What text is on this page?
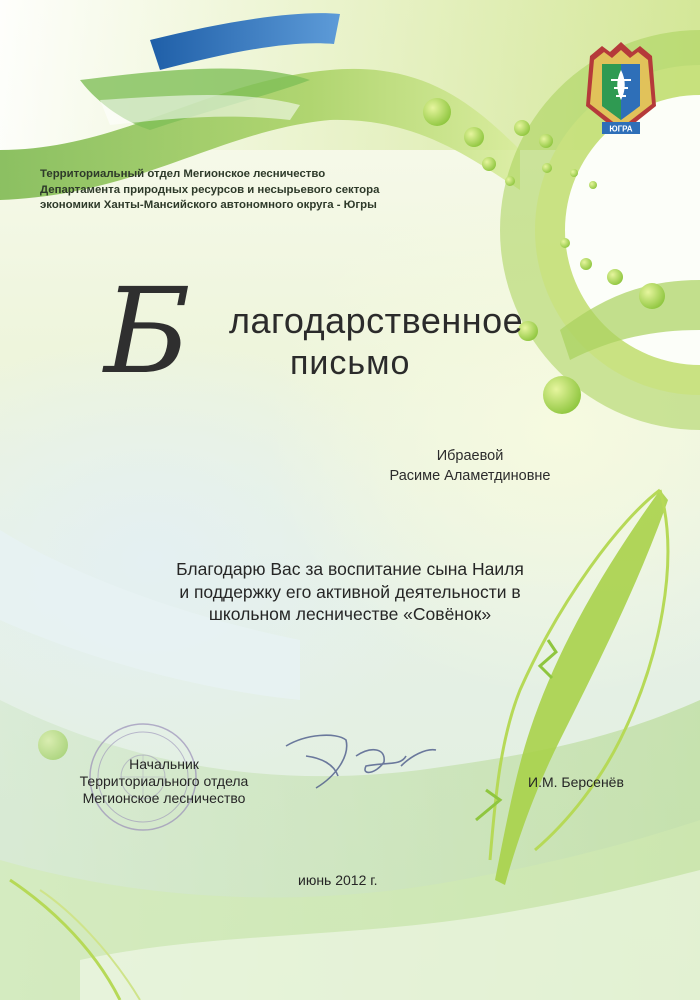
Территориальный отдел Мегионское лесничество
Департамента природных ресурсов и несырьевого сектора
экономики Ханты-Мансийского автономного округа - Югры
ЮГРА
Б лагодарственное
письмо
Ибраевой
Расиме Аламетдиновне
Благодарю Вас за воспитание сына Наиля
и поддержку его активной деятельности в
школьном лесничестве «Совёнок»
Начальник
Территориального отдела
Мегионское лесничество
И.М. Берсенёв
июнь 2012 г.
